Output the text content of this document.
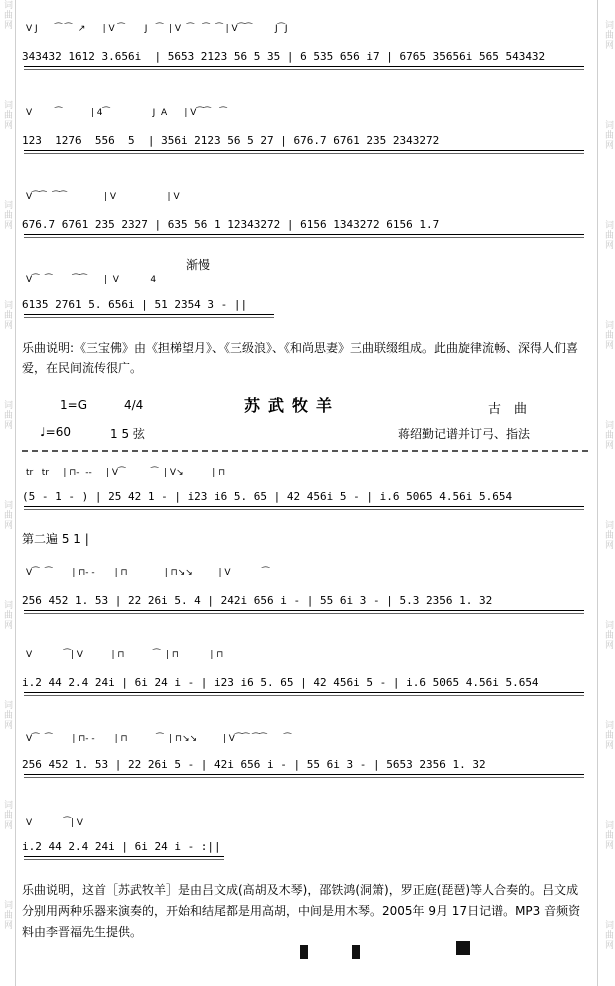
词曲网
词曲网
词曲网
词曲网
词曲网
词曲网
词曲网
词曲网
词曲网
词曲网
词曲网
词曲网
词曲网
词曲网
词曲网
词曲网
词曲网
词曲网
词曲网
词曲网
V J      ⁀ ⁀  ↗      | V ⁀       J   ⁀  | V  ⁀   ⁀  ⁀ | V⁀⁀        J⁀J
343432 1612 3.656i  | 5653 2123 56 5 35 | 6 535 656 i7 | 6765 35656i 565 543432
V        ⁀          | 4⁀               J  A      | V⁀⁀   ⁀
123  1276  556  5  | 356i 2123 56 5 27 | 676.7 6761 235 2343272
V⁀⁀  ⁀⁀             | V                  | V
676.7 6761 235 2327 | 635 56 1 12343272 | 6156 1343272 6156 1.7
渐慢
V⁀  ⁀       ⁀⁀      |  V           4
6135 2761 5. 656i | 51 2354 3 - ||
乐曲说明:《三宝佛》由《担梯望月》、《三级浪》、《和尚思妻》三曲联缀组成。此曲旋律流畅、深得人们喜爱，在民间流传很广。
1=G	4/4	苏武牧羊	古　曲
♩=60	1 5 弦	蒋绍勤记谱并订弓、指法
tr   tr     | ⊓-  --     | V⁀         ⁀  | V↘          | ⊓
(5 - 1 - ) | 25 42 1 - | i23 i6 5. 65 | 42 456i 5 - | i.6 5065 4.56i 5.654
第二遍 5 1 |
V⁀  ⁀       | ⊓- -       | ⊓             | ⊓↘↘         | V           ⁀
256 452 1. 53 | 22 26i 5. 4 | 242i 656 i - | 55 6i 3 - | 5.3 2356 1. 32
V           ⁀| V          | ⊓          ⁀  | ⊓           | ⊓
i.2 44 2.4 24i | 6i 24 i - | i23 i6 5. 65 | 42 456i 5 - | i.6 5065 4.56i 5.654
V⁀  ⁀       | ⊓- -       | ⊓          ⁀  | ⊓↘↘         | V⁀⁀ ⁀⁀      ⁀
256 452 1. 53 | 22 26i 5 - | 42i 656 i - | 55 6i 3 - | 5653 2356 1. 32
V           ⁀| V
i.2 44 2.4 24i | 6i 24 i - :||
乐曲说明，这首［苏武牧羊］是由吕文成(高胡及木琴)，邵铁鸿(洞箫)，罗正庭(琵琶)等人合奏的。吕文成分别用两种乐器来演奏的，开始和结尾都是用高胡，中间是用木琴。2005年 9月 17日记谱。MP3 音频资料由李晋福先生提供。
